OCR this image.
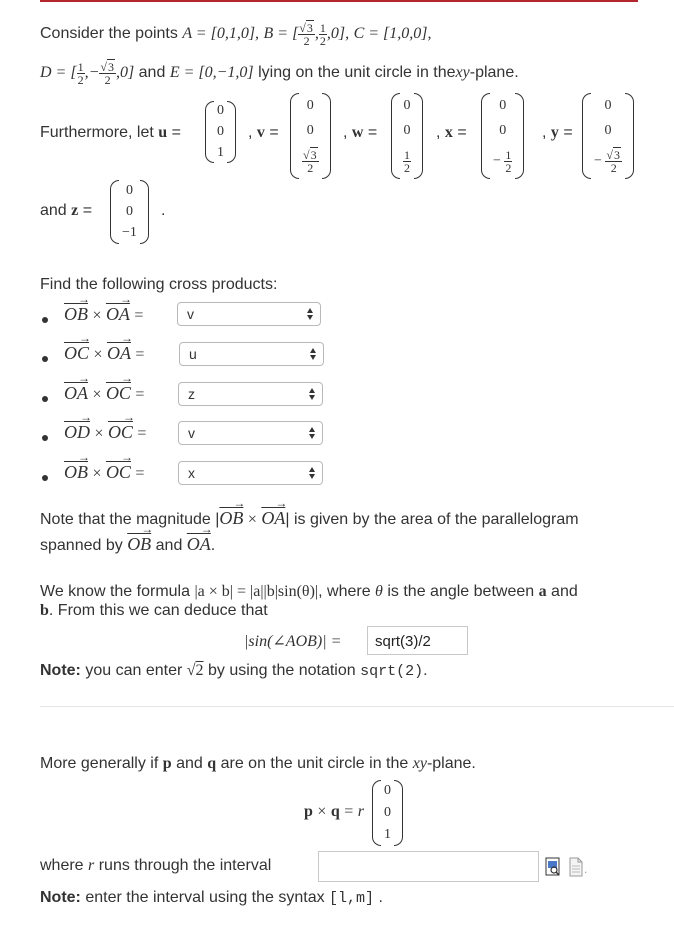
Consider the points A = [0,1,0], B = [ $\frac{√3}{2}$ , $\frac{1}{2} ,0$], C = [1,0,0],
D = [ $\frac{1}{2}$ ,− $\frac{√3}{2} ,0$] and E = [0,−1,0] lying on the unit circle in thexy-plane.
Furthermore, let u =
0
0
1
, v =
0
0
$\frac{√3}{2}$
, w =
0
0
$\frac{1}{2}$
, x =
0
0
− $\frac{1}{2}$
, y =
0
0
− $\frac{√3}{2}$
and z =
0
0
−1
.
Find the following cross products:
$\overline{OB}$ → × $\overline{OA}$ → =	v
$\overline{OC}$ → × $\overline{OA}$ → =	u
$\overline{OA}$ → × $\overline{OC}$ → =	z
$\overline{OD}$ → × $\overline{OC}$ → =	v
$\overline{OB}$ → × $\overline{OC}$ → =	x
Note that the magnitude $|\overline{OB}$ → × $\overline{OA}$ →| is given by the area of the parallelogram
spanned by $\overline{OB}$ → and $\overline{OA}$ →.
We know the formula |a × b| = |a||b|sin(θ)|, where θ is the angle between a and
b. From this we can deduce that
|sin(∠AOB)| =	sqrt(3)/2
Note: you can enter √2 by using the notation sqrt(2).
More generally if p and q are on the unit circle in the xy-plane.
p × q = r
0
0
1
where r runs through the interval	.
Note: enter the interval using the syntax [l,m] .
